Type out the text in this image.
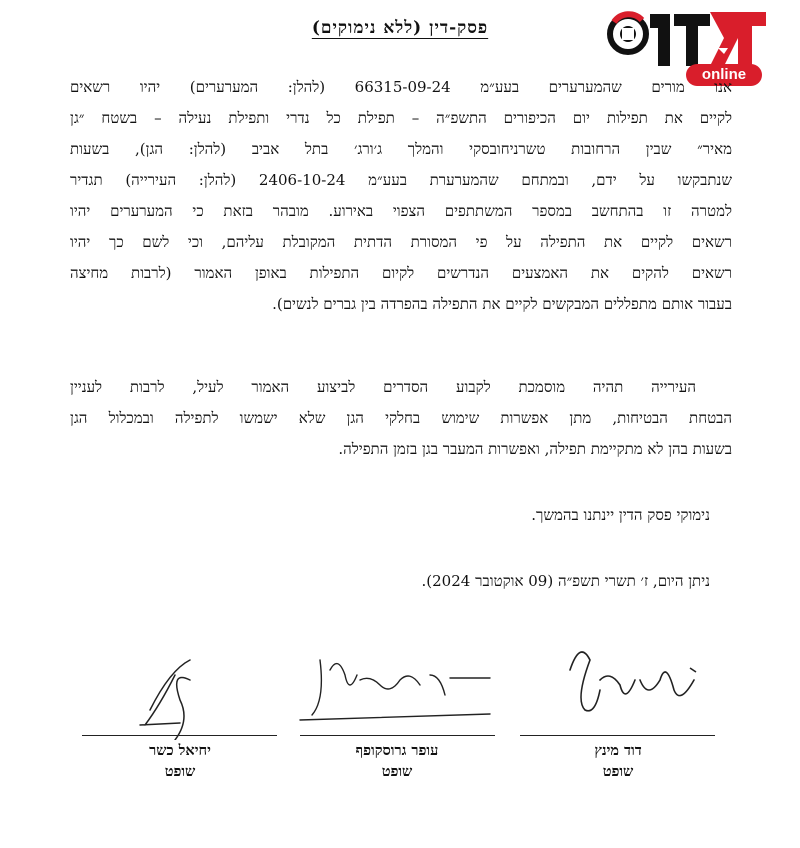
online
פסק-דין (ללא נימוקים)
אנו מורים שהמערערים בעע״מ 66315-09-24 (להלן: המערערים) יהיו רשאים
לקיים את תפילות יום הכיפורים התשפ״ה – תפילת כל נדרי ותפילת נעילה – בשטח ״גן
מאיר״ שבין הרחובות טשרניחובסקי והמלך ג׳ורג׳ בתל אביב (להלן: הגן), בשעות
שנתבקשו על ידם, ובמתחם שהמערערת בעע״מ 2406-10-24 (להלן: העירייה) תגדיר
למטרה זו בהתחשב במספר המשתתפים הצפוי באירוע. מובהר בזאת כי המערערים יהיו
רשאים לקיים את התפילה על פי המסורת הדתית המקובלת עליהם, וכי לשם כך יהיו
רשאים להקים את האמצעים הנדרשים לקיום התפילות באופן האמור (לרבות מחיצה
בעבור אותם מתפללים המבקשים לקיים את התפילה בהפרדה בין גברים לנשים).
העירייה תהיה מוסמכת לקבוע הסדרים לביצוע האמור לעיל, לרבות לעניין
הבטחת הבטיחות, מתן אפשרות שימוש בחלקי הגן שלא ישמשו לתפילה ובמכלול הגן
בשעות בהן לא מתקיימת תפילה, ואפשרות המעבר בגן בזמן התפילה.
נימוקי פסק הדין יינתנו בהמשך.
ניתן היום, ז׳ תשרי תשפ״ה (09 אוקטובר 2024).
דוד מינץ
שופט
עופר גרוסקופף
שופט
יחיאל כשר
שופט
